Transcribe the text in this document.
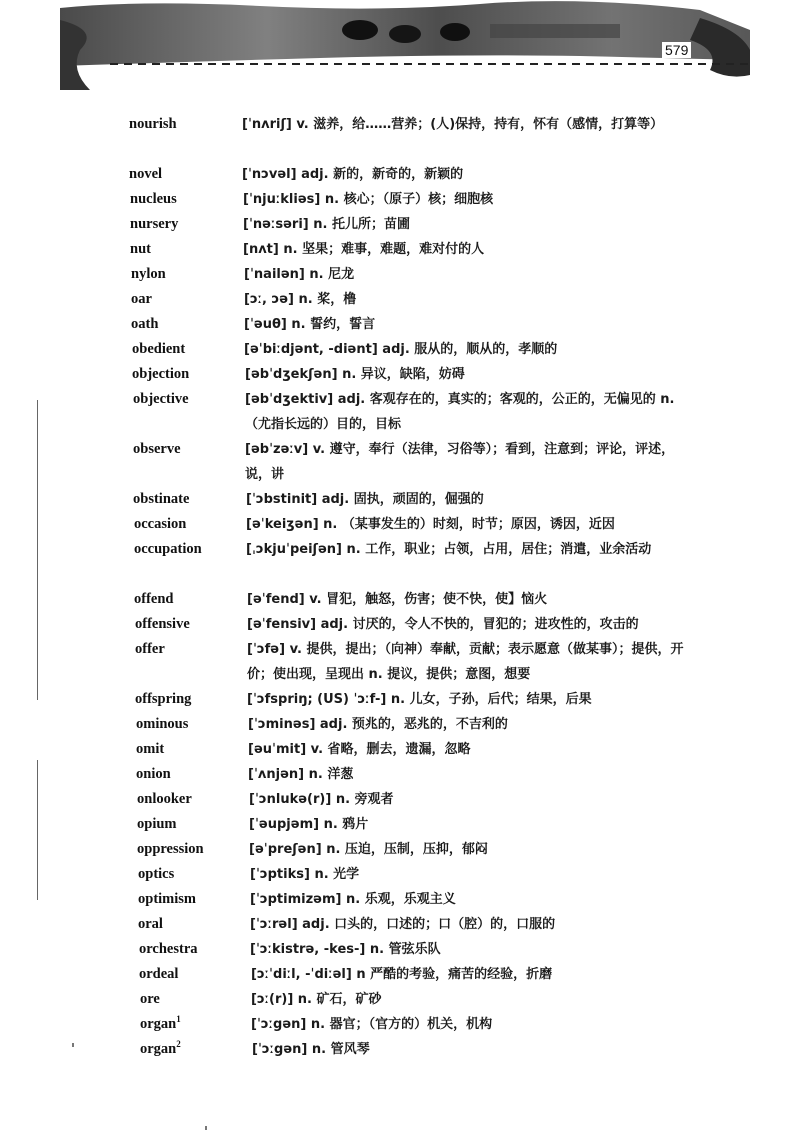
579
nourish	[ˈnʌriʃ] v. 滋养，给……营养；(人)保持，持有，怀有（感情，打算等）
novel	[ˈnɔvəl] adj. 新的，新奇的，新颖的
nucleus	[ˈnjuːkliəs] n. 核心；（原子）核；细胞核
nursery	[ˈnəːsəri] n. 托儿所；苗圃
nut	[nʌt] n. 坚果；难事，难题，难对付的人
nylon	[ˈnailən] n. 尼龙
oar	[ɔː, ɔə] n. 桨，橹
oath	[ˈəuθ] n. 誓约，誓言
obedient	[əˈbiːdjənt, -diənt] adj. 服从的，顺从的，孝顺的
objection	[əbˈdʒekʃən] n. 异议，缺陷，妨碍
objective	[əbˈdʒektiv] adj. 客观存在的，真实的；客观的，公正的，无偏见的 n. （尤指长远的）目的，目标
observe	[əbˈzəːv] v. 遵守，奉行（法律，习俗等）；看到，注意到；评论，评述，说，讲
obstinate	[ˈɔbstinit] adj. 固执，顽固的，倔强的
occasion	[əˈkeiʒən] n. （某事发生的）时刻，时节；原因，诱因，近因
occupation	[ˌɔkjuˈpeiʃən] n. 工作，职业；占领，占用，居住；消遣，业余活动
offend	[əˈfend] v. 冒犯，触怒，伤害；使不快，使】恼火
offensive	[əˈfensiv] adj. 讨厌的，令人不快的，冒犯的；进攻性的，攻击的
offer	[ˈɔfə] v. 提供，提出；（向神）奉献，贡献；表示愿意（做某事）；提供，开价；使出现，呈现出 n. 提议，提供；意图，想要
offspring	[ˈɔfspriŋ; (US) ˈɔːf-] n. 儿女，子孙，后代；结果，后果
ominous	[ˈɔminəs] adj. 预兆的，恶兆的，不吉利的
omit	[əuˈmit] v. 省略，删去，遗漏，忽略
onion	[ˈʌnjən] n. 洋葱
onlooker	[ˈɔnlukə(r)] n. 旁观者
opium	[ˈəupjəm] n. 鸦片
oppression	[əˈpreʃən] n. 压迫，压制，压抑，郁闷
optics	[ˈɔptiks] n. 光学
optimism	[ˈɔptimizəm] n. 乐观，乐观主义
oral	[ˈɔːrəl] adj. 口头的，口述的；口（腔）的，口服的
orchestra	[ˈɔːkistrə, -kes-] n. 管弦乐队
ordeal	[ɔːˈdiːl, -ˈdiːəl] n 严酷的考验，痛苦的经验，折磨
ore	[ɔː(r)] n. 矿石，矿砂
organ$^1$	[ˈɔːgən] n. 器官；（官方的）机关，机构
organ$^2$	[ˈɔːgən] n. 管风琴
